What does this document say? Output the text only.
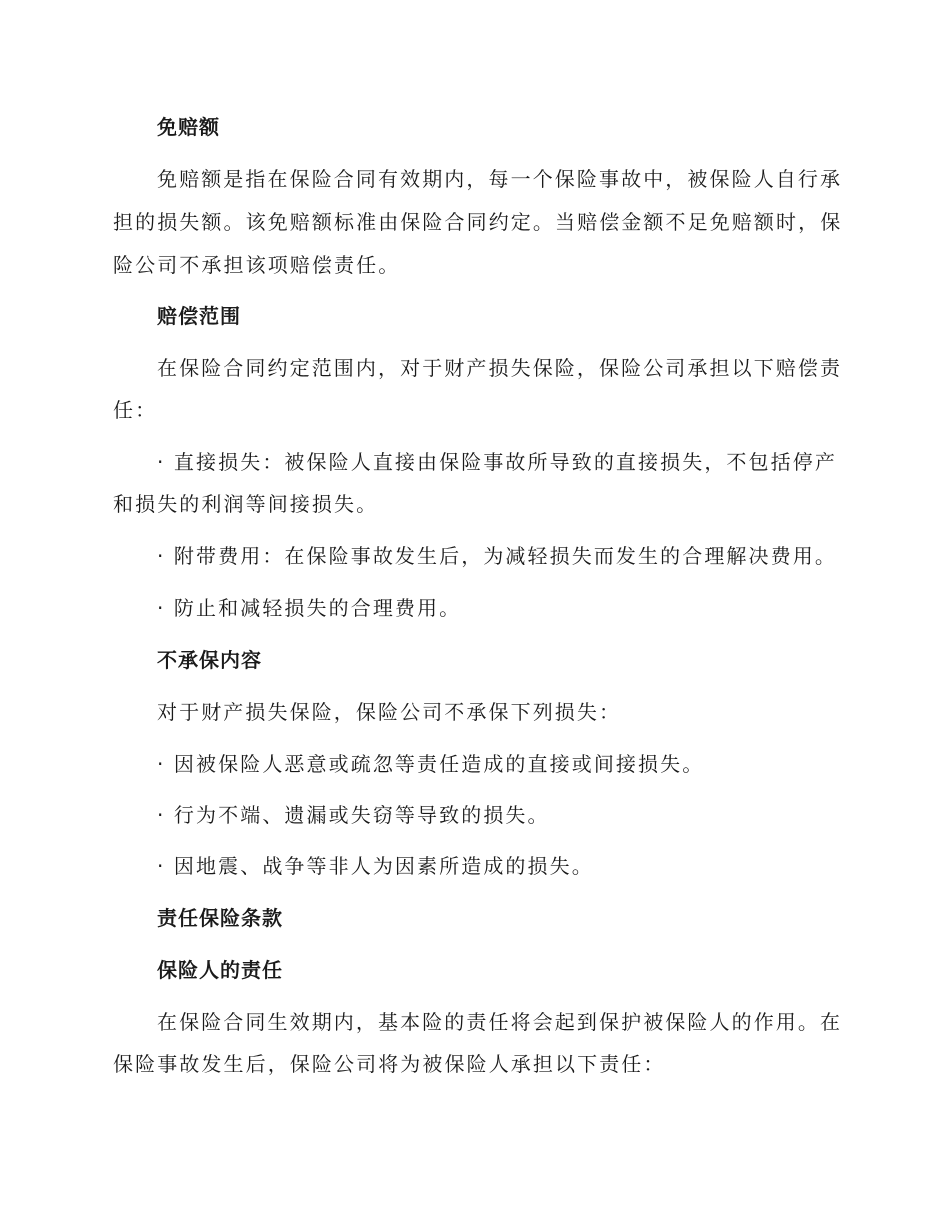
免赔额
免赔额是指在保险合同有效期内，每一个保险事故中，被保险人自行承
担的损失额。该免赔额标准由保险合同约定。当赔偿金额不足免赔额时，保
险公司不承担该项赔偿责任。
赔偿范围
在保险合同约定范围内，对于财产损失保险，保险公司承担以下赔偿责
任：
· 直接损失：被保险人直接由保险事故所导致的直接损失，不包括停产
和损失的利润等间接损失。
· 附带费用：在保险事故发生后，为减轻损失而发生的合理解决费用。
· 防止和减轻损失的合理费用。
不承保内容
对于财产损失保险，保险公司不承保下列损失：
· 因被保险人恶意或疏忽等责任造成的直接或间接损失。
· 行为不端、遗漏或失窃等导致的损失。
· 因地震、战争等非人为因素所造成的损失。
责任保险条款
保险人的责任
在保险合同生效期内，基本险的责任将会起到保护被保险人的作用。在
保险事故发生后，保险公司将为被保险人承担以下责任：
